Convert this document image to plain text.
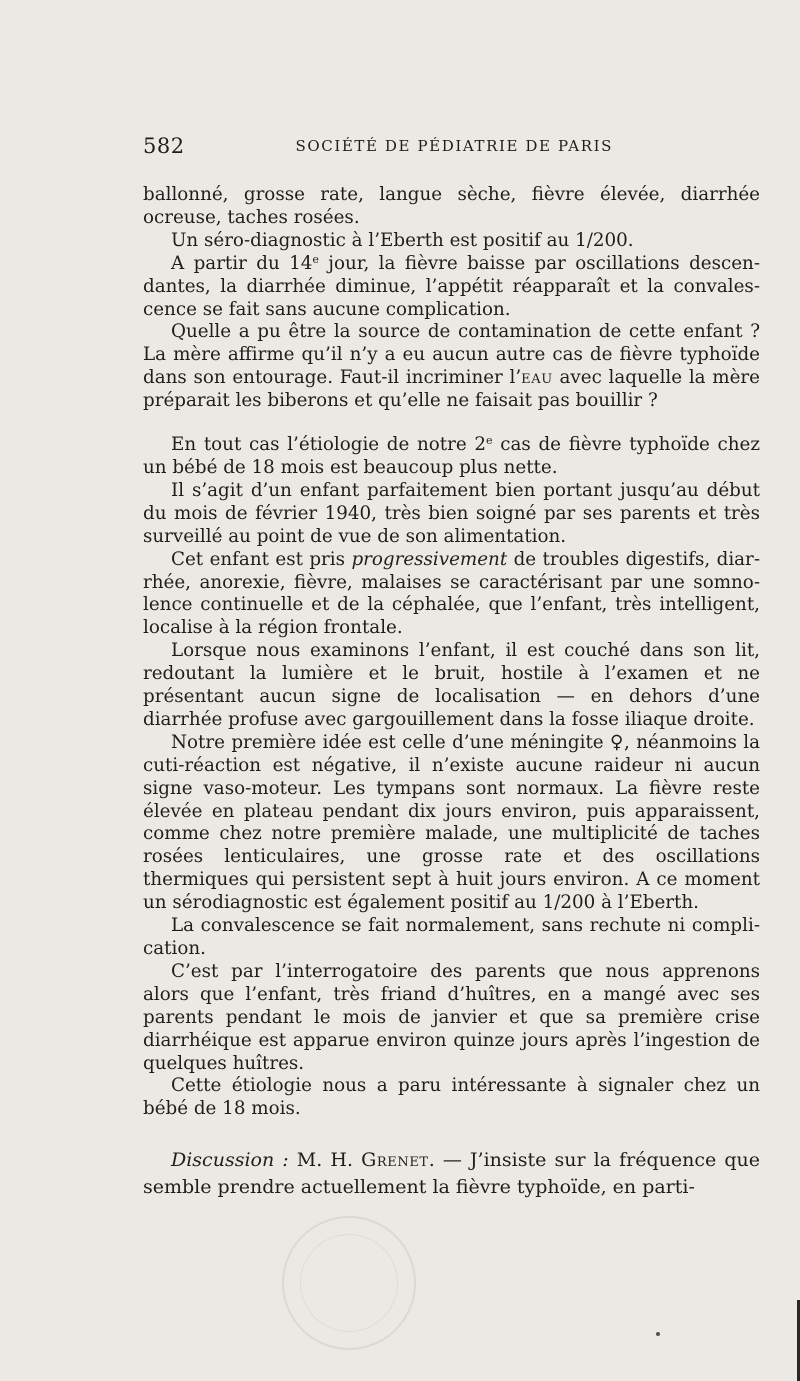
582	SOCIÉTÉ DE PÉDIATRIE DE PARIS

ballonné, grosse rate, langue sèche, fièvre élevée, diarrhée ocreuse, taches rosées.

Un séro-diagnostic à l’Eberth est positif au 1/200.

A partir du 14e jour, la fièvre baisse par oscillations descendantes, la diarrhée diminue, l’appétit réapparaît et la convalescence se fait sans aucune complication.

Quelle a pu être la source de contamination de cette enfant ? La mère affirme qu’il n’y a eu aucun autre cas de fièvre typhoïde dans son entourage. Faut-il incriminer l’eau avec laquelle la mère préparait les biberons et qu’elle ne faisait pas bouillir ?

En tout cas l’étiologie de notre 2e cas de fièvre typhoïde chez un bébé de 18 mois est beaucoup plus nette.

Il s’agit d’un enfant parfaitement bien portant jusqu’au début du mois de février 1940, très bien soigné par ses parents et très surveillé au point de vue de son alimentation.

Cet enfant est pris progressivement de troubles digestifs, diarrhée, anorexie, fièvre, malaises se caractérisant par une somnolence continuelle et de la céphalée, que l’enfant, très intelligent, localise à la région frontale.

Lorsque nous examinons l’enfant, il est couché dans son lit, redoutant la lumière et le bruit, hostile à l’examen et ne présentant aucun signe de localisation — en dehors d’une diarrhée profuse avec gargouillement dans la fosse iliaque droite.

Notre première idée est celle d’une méningite ♀, néanmoins la cuti-réaction est négative, il n’existe aucune raideur ni aucun signe vaso-moteur. Les tympans sont normaux. La fièvre reste élevée en plateau pendant dix jours environ, puis apparaissent, comme chez notre première malade, une multiplicité de taches rosées lenticulaires, une grosse rate et des oscillations thermiques qui persistent sept à huit jours environ. A ce moment un sérodiagnostic est également positif au 1/200 à l’Eberth.

La convalescence se fait normalement, sans rechute ni complication.

C’est par l’interrogatoire des parents que nous apprenons alors que l’enfant, très friand d’huîtres, en a mangé avec ses parents pendant le mois de janvier et que sa première crise diarrhéique est apparue environ quinze jours après l’ingestion de quelques huîtres.

Cette étiologie nous a paru intéressante à signaler chez un bébé de 18 mois.

Discussion : M. H. Grenet. — J’insiste sur la fréquence que semble prendre actuellement la fièvre typhoïde, en parti-
